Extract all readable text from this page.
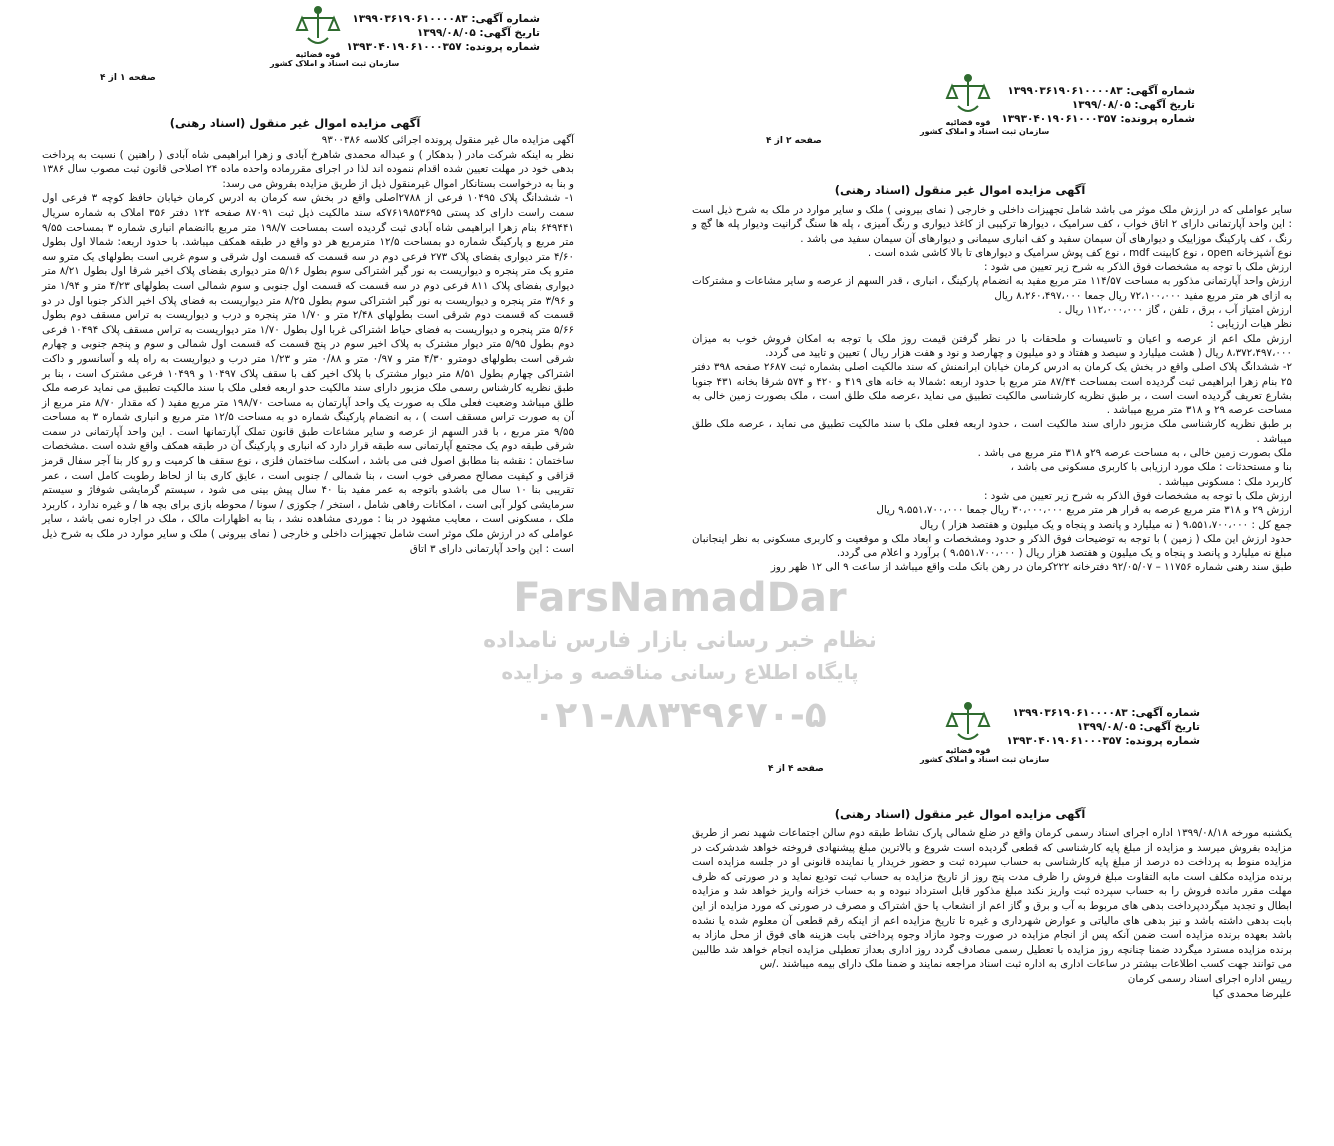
شماره آگهی: ۱۳۹۹۰۳۶۱۹۰۶۱۰۰۰۰۸۳
تاریخ آگهی: ۱۳۹۹/۰۸/۰۵
شماره پرونده: ۱۳۹۳۰۴۰۱۹۰۶۱۰۰۰۳۵۷
قوه قضائیه
سازمان ثبت اسناد و املاک کشور
صفحه ۱ از ۴
آگهی مزایده اموال غیر منقول (اسناد رهنی)

آگهی مزایده مال غیر منقول پرونده اجرائی کلاسه ۹۳۰۰۳۸۶

نظر به اینکه شرکت مادر ( بدهکار ) و عبداله محمدی شاهرخ آبادی و زهرا ابراهیمی شاه آبادی ( راهنین ) نسبت به پرداخت بدهی خود در مهلت تعیین شده اقدام ننموده اند لذا در اجرای مقررماده واحده ماده ۲۴ اصلاحی قانون ثبت مصوب سال ۱۳۸۶ و بنا به درخواست بستانکار اموال غیرمنقول ذیل از طریق مزایده بفروش می رسد:

۱- ششدانگ پلاک ۱۰۴۹۵ فرعی از ۲۷۸۸اصلی واقع در بخش سه کرمان به ادرس کرمان خیابان حافظ کوچه ۳ فرعی اول سمت راست دارای کد پستی ۷۶۱۹۸۵۳۶۹۵که سند مالکیت ذیل ثبت ۸۷۰۹۱ صفحه ۱۲۴ دفتر ۳۵۶ املاک به شماره سریال ۶۴۹۴۴۱ بنام زهرا ابراهیمی شاه آبادی ثبت گردیده است بمساحت ۱۹۸/۷ متر مربع باانضمام انباری شماره ۳ بمساحت ۹/۵۵ متر مربع و پارکینگ شماره دو بمساحت ۱۲/۵ مترمربع هر دو واقع در طبقه همکف میباشد. با حدود اربعه: شمالا اول بطول ۴/۶۰ متر دیواری بفضای پلاک ۲۷۳ فرعی دوم در سه قسمت که قسمت اول شرقی و سوم غربی است بطولهای یک مترو سه مترو یک متر پنجره و دیواریست به نور گیر اشتراکی سوم بطول ۵/۱۶ متر دیواری بفضای پلاک اخیر شرقا اول بطول ۸/۲۱ متر دیواری بفضای پلاک ۸۱۱ فرعی دوم در سه قسمت که قسمت اول جنوبی و سوم شمالی است بطولهای ۴/۲۳ متر و ۱/۹۴ متر و ۳/۹۶ متر پنجره و دیواریست به نور گیر اشتراکی سوم بطول ۸/۲۵ متر دیواریست به فضای پلاک اخیر الذکر جنوبا اول در دو قسمت که قسمت دوم شرقی است بطولهای ۲/۴۸ متر و ۱/۷۰ متر پنجره و درب و دیواریست به تراس مسقف دوم بطول ۵/۶۶ متر پنجره و دیواریست به فضای حیاط اشتراکی غربا اول بطول ۱/۷۰ متر دیواریست به تراس مسقف پلاک ۱۰۴۹۴ فرعی دوم بطول ۵/۹۵ متر دیوار مشترک به پلاک اخیر سوم در پنج قسمت که قسمت اول شمالی و سوم و پنجم جنوبی و چهارم شرقی است بطولهای دومترو ۴/۳۰ متر و ۰/۹۷ متر و ۰/۸۸ متر و ۱/۲۳ متر درب و دیواریست به راه پله و آسانسور و داکت اشتراکی چهارم بطول ۸/۵۱ متر دیوار مشترک با پلاک اخیر کف با سقف پلاک ۱۰۴۹۷ و ۱۰۴۹۹ فرعی مشترک است ، بنا بر طبق نظریه کارشناس رسمی ملک مزبور دارای سند مالکیت حدو اربعه فعلی ملک با سند مالکیت تطبیق می نماید عرصه ملک طلق میباشد وضعیت فعلی ملک به صورت یک واحد آپارتمان به مساحت ۱۹۸/۷۰ متر مربع مفید ( که مقدار ۸/۷۰ متر مربع از آن به صورت تراس مسقف است ) ، به انضمام پارکینگ شماره دو به مساحت ۱۲/۵ متر مربع و انباری شماره ۳ به مساحت ۹/۵۵ متر مربع ، با قدر السهم از عرصه و سایر مشاعات طبق قانون تملک آپارتمانها است . این واحد آپارتمانی در سمت شرقی طبقه دوم یک مجتمع آپارتمانی سه طبقه قرار دارد که انباری و پارکینگ آن در طبقه همکف واقع شده است .مشخصات ساختمان : نقشه بنا مطابق اصول فنی می باشد ، اسکلت ساختمان فلزی ، نوع سقف ها کرمیت و رو کار بنا آجر سفال قرمز قزاقی و کیفیت مصالح مصرفی خوب است ، بنا شمالی / جنوبی است ، عایق کاری بنا از لحاظ رطوبت کامل است ، عمر تقریبی بنا ۱۰ سال می باشدو باتوجه به عمر مفید بنا ۴۰ سال پیش بینی می شود ، سیستم گرمایشی شوفاژ و سیستم سرمایشی کولر آبی است ، امکانات رفاهی شامل ، استخر / جکوزی / سونا / محوطه بازی برای بچه ها / و غیره ندارد ، کاربرد ملک ، مسکونی است ، معایب مشهود در بنا : موردی مشاهده نشد ، بنا به اظهارات مالک ، ملک در اجاره نمی باشد ، سایر عواملی که در ارزش ملک موثر است شامل تجهیزات داخلی و خارجی ( نمای بیرونی ) ملک و سایر موارد در ملک به شرح ذیل است : این واحد آپارتمانی دارای ۳ اتاق

شماره آگهی: ۱۳۹۹۰۳۶۱۹۰۶۱۰۰۰۰۸۳
تاریخ آگهی: ۱۳۹۹/۰۸/۰۵
شماره پرونده: ۱۳۹۳۰۴۰۱۹۰۶۱۰۰۰۳۵۷
قوه قضائیه
سازمان ثبت اسناد و املاک کشور
صفحه ۲ از ۴
آگهی مزایده اموال غیر منقول (اسناد رهنی)

سایر عواملی که در ارزش ملک موثر می باشد شامل تجهیزات داخلی و خارجی ( نمای بیرونی ) ملک و سایر موارد در ملک به شرح ذیل است : این واحد آپارتمانی دارای ۲ اتاق خواب ، کف سرامیک ، دیوارها ترکیبی از کاغذ دیواری و رنگ آمیزی ، پله ها سنگ گرانیت ودیوار پله ها گچ و رنگ ، کف پارکینگ موزاییک و دیوارهای آن سیمان سفید و کف انباری سیمانی و دیوارهای آن سیمان سفید می باشد .

نوع آشپزخانه open ، نوع کابینت mdf ، نوع کف پوش سرامیک و دیوارهای تا بالا کاشی شده است .

ارزش ملک با توجه به مشخصات فوق الذکر به شرح زیر تعیین می شود :

ارزش واحد آپارتمانی مذکور به مساحت ۱۱۴/۵۷ متر مربع مفید به انضمام پارکینگ ، انباری ، قدر السهم از عرصه و سایر مشاعات و مشترکات به ازای هر متر مربع مفید ۷۲،۱۰۰،۰۰۰ ریال جمعا ۸،۲۶۰،۴۹۷،۰۰۰ ریال

ارزش امتیاز آب ، برق ، تلفن ، گاز ۱۱۲،۰۰۰،۰۰۰ ریال .

نظر هیات ارزیابی :

ارزش ملک اعم از عرصه و اعیان و تاسیسات و ملحقات با در نظر گرفتن قیمت روز ملک با توجه به امکان فروش خوب به میزان ۸،۳۷۲،۴۹۷،۰۰۰ ریال ( هشت میلیارد و سیصد و هفتاد و دو میلیون و چهارصد و نود و هفت هزار ریال ) تعیین و تایید می گردد.

۲- ششدانگ پلاک اصلی واقع در بخش یک کرمان به ادرس کرمان خیابان ابرانمنش که سند مالکیت اصلی بشماره ثبت ۲۶۸۷ صفحه ۳۹۸ دفتر ۲۵ بنام زهرا ابراهیمی ثبت گردیده است بمساحت ۸۷/۴۴ متر مربع با حدود اربعه :شمالا به خانه های ۴۱۹ و ۴۲۰ و ۵۷۴ شرقا بخانه ۴۳۱ جنوبا بشارع تعریف گردیده است است ، بر طبق نظریه کارشناسی مالکیت تطبیق می نماید ،عرصه ملک طلق است ، ملک بصورت زمین خالی به مساحت عرصه ۲۹ و ۳۱۸ متر مربع میباشد .

بر طبق نظریه کارشناسی ملک مزبور دارای سند مالکیت است ، حدود اربعه فعلی ملک با سند مالکیت تطبیق می نماید ، عرصه ملک طلق میباشد .

ملک بصورت زمین خالی ، به مساحت عرصه ۲۹و ۳۱۸ متر مربع می باشد .

بنا و مستحدثات : ملک مورد ارزیابی با کاربری مسکونی می باشد ،

کاربرد ملک : مسکونی میباشد .

ارزش ملک با توجه به مشخصات فوق الذکر به شرح زیر تعیین می شود :

ارزش ۲۹ و ۳۱۸ متر مربع عرصه به قرار هر متر مربع ۳۰،۰۰۰،۰۰۰ ریال جمعا ۹،۵۵۱،۷۰۰،۰۰۰ ریال

جمع کل : ۹،۵۵۱،۷۰۰،۰۰۰ ( نه میلیارد و پانصد و پنجاه و یک میلیون و هفتصد هزار ) ریال

حدود ارزش این ملک ( زمین ) با توجه به توضیحات فوق الذکر و حدود ومشخصات و ابعاد ملک و موقعیت و کاربری مسکونی به نظر اینجانبان مبلغ نه میلیارد و پانصد و پنجاه و یک میلیون و هفتصد هزار ریال ( ۹،۵۵۱،۷۰۰،۰۰۰ ) برآورد و اعلام می گردد.

طبق سند رهنی شماره ۱۱۷۵۶ – ۹۲/۰۵/۰۷ دفترخانه ۲۲۲کرمان در رهن بانک ملت واقع میباشد از ساعت ۹ الی ۱۲ ظهر روز

شماره آگهی: ۱۳۹۹۰۳۶۱۹۰۶۱۰۰۰۰۸۳
تاریخ آگهی: ۱۳۹۹/۰۸/۰۵
شماره پرونده: ۱۳۹۳۰۴۰۱۹۰۶۱۰۰۰۳۵۷
قوه قضائیه
سازمان ثبت اسناد و املاک کشور
صفحه ۴ از ۴
آگهی مزایده اموال غیر منقول (اسناد رهنی)

یکشنبه مورخه ۱۳۹۹/۰۸/۱۸ اداره اجرای اسناد رسمی کرمان واقع در ضلع شمالی پارک نشاط طبقه دوم سالن اجتماعات شهید نصر از طریق مزایده بفروش میرسد و مزایده از مبلغ پایه کارشناسی که قطعی گردیده است شروع و بالاترین مبلغ پیشنهادی فروخته خواهد شدشرکت در مزایده منوط به پرداخت ده درصد از مبلغ پایه کارشناسی به حساب سپرده ثبت و حضور خریدار یا نماینده قانونی او در جلسه مزایده است برنده مزایده مکلف است مابه التفاوت مبلغ فروش را ظرف مدت پنج روز از تاریخ مزایده به حساب ثبت تودیع نماید و در صورتی که ظرف مهلت مقرر مانده فروش را به حساب سپرده ثبت واریز نکند مبلغ مذکور قابل استرداد نبوده و به حساب خزانه واریز خواهد شد و مزایده ابطال و تجدید میگرددپرداخت بدهی های مربوط به آب و برق و گاز اعم از انشعاب یا حق اشتراک و مصرف در صورتی که مورد مزایده از این بابت بدهی داشته باشد و نیز بدهی های مالیاتی و عوارض شهرداری و غیره تا تاریخ مزایده اعم از اینکه رقم قطعی آن معلوم شده یا نشده باشد بعهده برنده مزایده است ضمن آنکه پس از انجام مزایده در صورت وجود مازاد وجوه پرداختی بابت هزینه های فوق از محل مازاد به برنده مزایده مسترد میگردد ضمنا چنانچه روز مزایده با تعطیل رسمی مصادف گردد روز اداری بعداز تعطیلی مزایده انجام خواهد شد طالبین می توانند جهت کسب اطلاعات بیشتر در ساعات اداری به اداره ثبت اسناد مراجعه نمایند و ضمنا ملک دارای بیمه میباشند ./س

رییس اداره اجرای اسناد رسمی کرمان

علیرضا محمدی کیا

FarsNamadDar
نظام خبر رسانی بازار فارس نامداده
پایگاه اطلاع رسانی مناقصه و مزایده
۰۲۱-۸۸۳۴۹۶۷۰-۵
